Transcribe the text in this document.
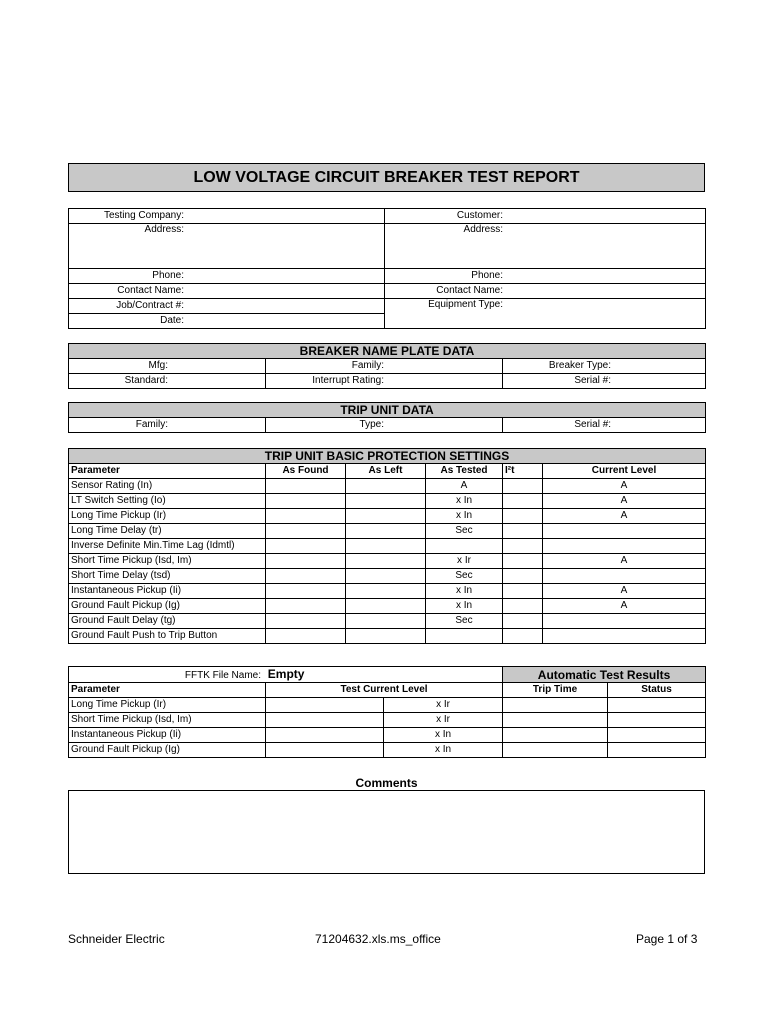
LOW VOLTAGE CIRCUIT BREAKER TEST REPORT
Testing Company:	Customer:
Address:	Address:
Phone:	Phone:
Contact Name:	Contact Name:
Job/Contract #:	Equipment Type:
Date:	
BREAKER NAME PLATE DATA		
Mfg:	Family:	Breaker Type:
Standard:	Interrupt Rating:	Serial #:
TRIP UNIT DATA
Family:	Type:	Serial #:
TRIP UNIT BASIC PROTECTION SETTINGS					
Parameter	As Found	As Left	As Tested	I²t	Current Level
Sensor Rating (In)			A		A
LT Switch Setting (Io)			x In		A
Long Time Pickup (Ir)			x In		A
Long Time Delay (tr)			Sec		
Inverse Definite Min.Time Lag (Idmtl)					
Short Time Pickup (Isd, Im)			x Ir		A
Short Time Delay (tsd)			Sec		
Instantaneous Pickup (Ii)			x In		A
Ground Fault Pickup (Ig)			x In		A
Ground Fault Delay (tg)			Sec		
Ground Fault Push to Trip Button					
FFTK File Name: Empty			Automatic Test Results	
Parameter	Test Current Level		Trip Time	Status
Long Time Pickup (Ir)		x Ir		
Short Time Pickup (Isd, Im)		x Ir		
Instantaneous Pickup (Ii)		x In		
Ground Fault Pickup (Ig)		x In		
Comments
Schneider Electric	71204632.xls.ms_office	Page 1 of 3
